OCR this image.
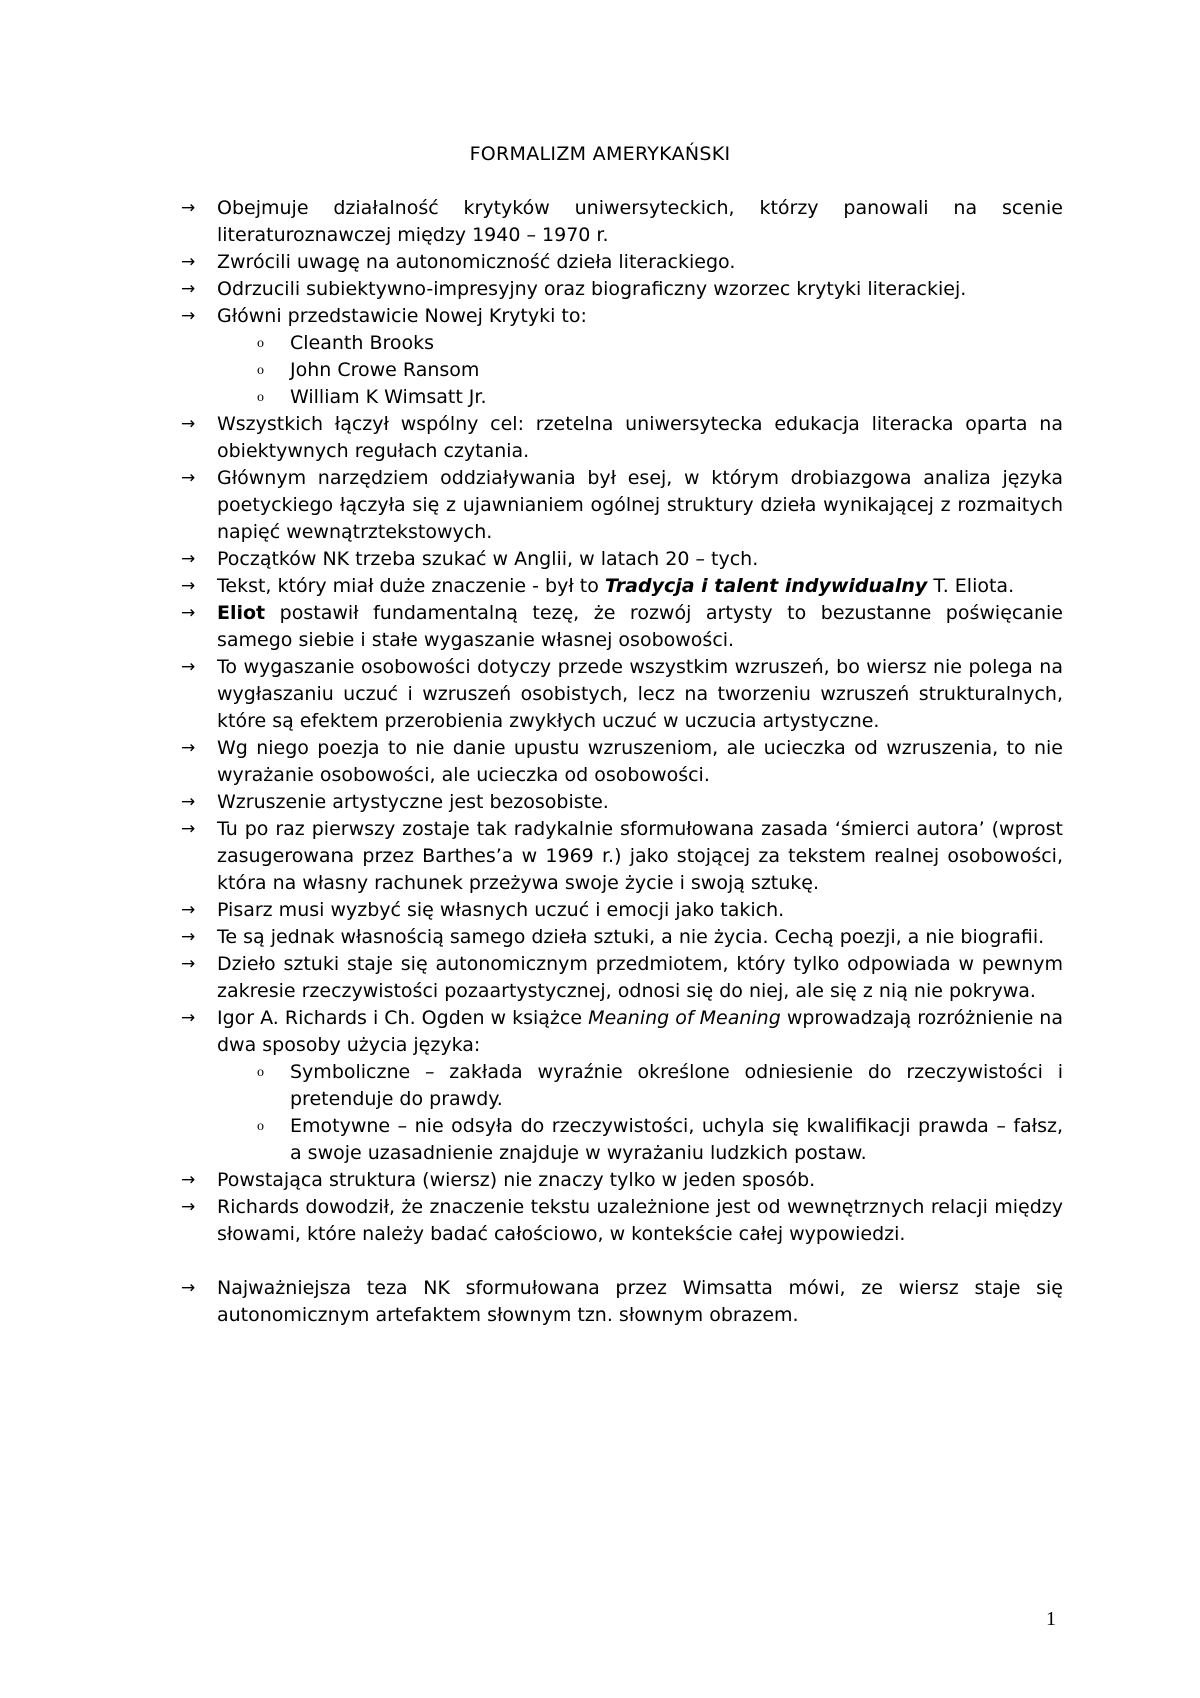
FORMALIZM AMERYKAŃSKI
→ Obejmuje działalność krytyków uniwersyteckich, którzy panowali na scenie literaturoznawczej między 1940 – 1970 r.
→ Zwrócili uwagę na autonomiczność dzieła literackiego.
→ Odrzucili subiektywno-impresyjny oraz biograficzny wzorzec krytyki literackiej.
→ Główni przedstawicie Nowej Krytyki to:
o Cleanth Brooks
o John Crowe Ransom
o William K Wimsatt Jr.
→ Wszystkich łączył wspólny cel: rzetelna uniwersytecka edukacja literacka oparta na obiektywnych regułach czytania.
→ Głównym narzędziem oddziaływania był esej, w którym drobiazgowa analiza języka poetyckiego łączyła się z ujawnianiem ogólnej struktury dzieła wynikającej z rozmaitych napięć wewnątrztekstowych.
→ Początków NK trzeba szukać w Anglii, w latach 20 – tych.
→ Tekst, który miał duże znaczenie - był to Tradycja i talent indywidualny T. Eliota.
→ Eliot postawił fundamentalną tezę, że rozwój artysty to bezustanne poświęcanie samego siebie i stałe wygaszanie własnej osobowości.
→ To wygaszanie osobowości dotyczy przede wszystkim wzruszeń, bo wiersz nie polega na wygłaszaniu uczuć i wzruszeń osobistych, lecz na tworzeniu wzruszeń strukturalnych, które są efektem przerobienia zwykłych uczuć w uczucia artystyczne.
→ Wg niego poezja to nie danie upustu wzruszeniom, ale ucieczka od wzruszenia, to nie wyrażanie osobowości, ale ucieczka od osobowości.
→ Wzruszenie artystyczne jest bezosobiste.
→ Tu po raz pierwszy zostaje tak radykalnie sformułowana zasada ‘śmierci autora’ (wprost zasugerowana przez Barthes’a w 1969 r.) jako stojącej za tekstem realnej osobowości, która na własny rachunek przeżywa swoje życie i swoją sztukę.
→ Pisarz musi wyzbyć się własnych uczuć i emocji jako takich.
→ Te są jednak własnością samego dzieła sztuki, a nie życia. Cechą poezji, a nie biografii.
→ Dzieło sztuki staje się autonomicznym przedmiotem, który tylko odpowiada w pewnym zakresie rzeczywistości pozaartystycznej, odnosi się do niej, ale się z nią nie pokrywa.
→ Igor A. Richards i Ch. Ogden w książce Meaning of Meaning wprowadzają rozróżnienie na dwa sposoby użycia języka:
o Symboliczne – zakłada wyraźnie określone odniesienie do rzeczywistości i pretenduje do prawdy.
o Emotywne – nie odsyła do rzeczywistości, uchyla się kwalifikacji prawda – fałsz, a swoje uzasadnienie znajduje w wyrażaniu ludzkich postaw.
→ Powstająca struktura (wiersz) nie znaczy tylko w jeden sposób.
→ Richards dowodził, że znaczenie tekstu uzależnione jest od wewnętrznych relacji między słowami, które należy badać całościowo, w kontekście całej wypowiedzi.
→ Najważniejsza teza NK sformułowana przez Wimsatta mówi, ze wiersz staje się autonomicznym artefaktem słownym tzn. słownym obrazem.
1
